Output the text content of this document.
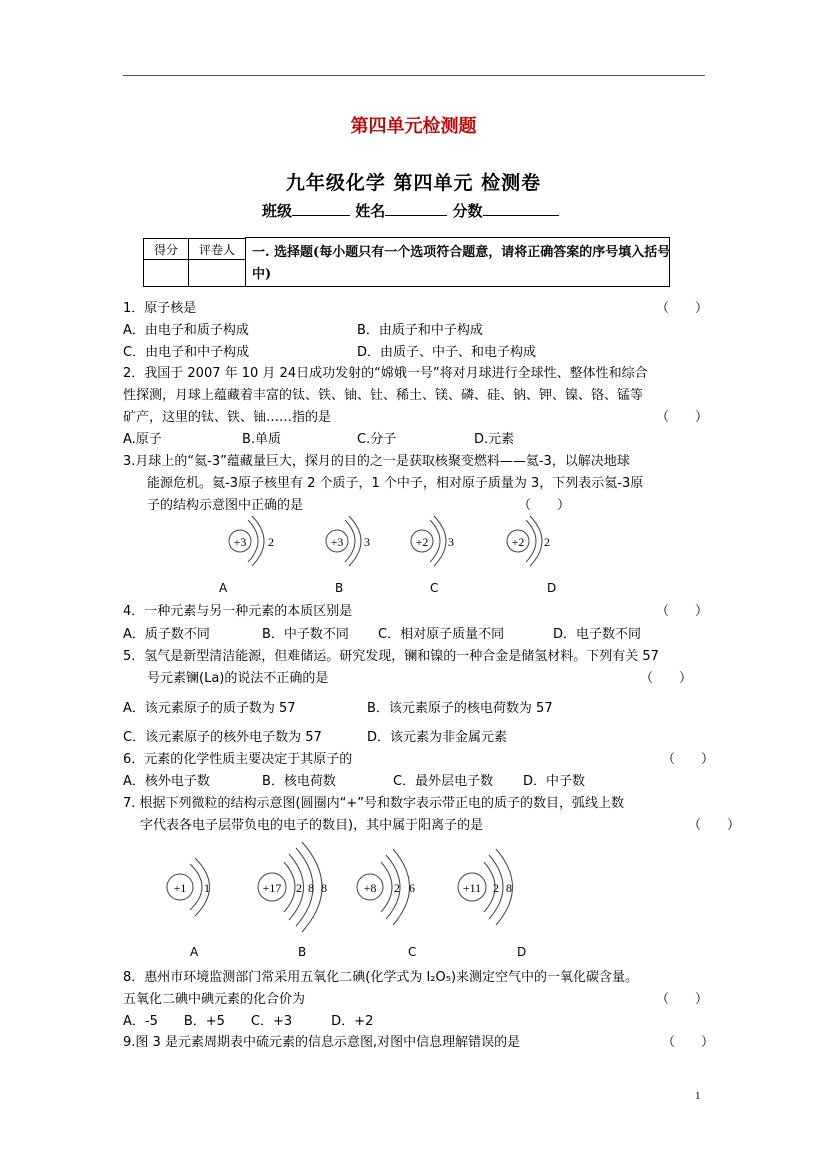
第四单元检测题
九年级化学 第四单元 检测卷
班级	姓名	分数
得分	评卷人
	一. 选择题(每小题只有一个选项符合题意，请将正确答案的序号填入括号中)
1．原子核是	（　　）
A．由电子和质子构成	B．由质子和中子构成
C．由电子和中子构成	D．由质子、中子、和电子构成
2．我国于 2007 年 10 月 24日成功发射的“嫦娥一号”将对月球进行全球性、整体性和综合
性探测，月球上蕴藏着丰富的钛、铁、铀、钍、稀土、镁、磷、硅、钠、钾、镍、铬、锰等
矿产，这里的钛、铁、铀……指的是	（　　）
A.原子	B.单质	C.分子	D.元素
3.月球上的“氦-3”蕴藏量巨大，探月的目的之一是获取核聚变燃料——氦-3，以解决地球
能源危机。氦-3原子核里有 2 个质子，1 个中子，相对原子质量为 3，下列表示氦-3原
子的结构示意图中正确的是	（　　）
+3 2	+3 3	+2 3	+2 2
+1 1	+17 2 8 8	+8 2 6	+11 2 8
A	B	C	D
4．一种元素与另一种元素的本质区别是	（　　）
A．质子数不同	B．中子数不同 C．相对原子质量不同	D．电子数不同
5．氢气是新型清洁能源，但难储运。研究发现，镧和镍的一种合金是储氢材料。下列有关 57
号元素镧(La)的说法不正确的是	（　　）
A．该元素原子的质子数为 57	B．该元素原子的核电荷数为 57
C．该元素原子的核外电子数为 57	D．该元素为非金属元素
6．元素的化学性质主要决定于其原子的	（　　）
A．核外电子数	B．核电荷数	C．最外层电子数 D．中子数
7. 根据下列微粒的结构示意图(圆圈内“+”号和数字表示带正电的质子的数目，弧线上数
字代表各电子层带负电的电子的数目)，其中属于阳离子的是	（　　）
A	B	C	D
8．惠州市环境监测部门常采用五氧化二碘(化学式为 I₂O₅)来测定空气中的一氧化碳含量。
五氧化二碘中碘元素的化合价为	（　　）
A．-5　　B．+5　　C．+3　　　D．+2
9.图 3 是元素周期表中硫元素的信息示意图,对图中信息理解错误的是	（　　）
1
